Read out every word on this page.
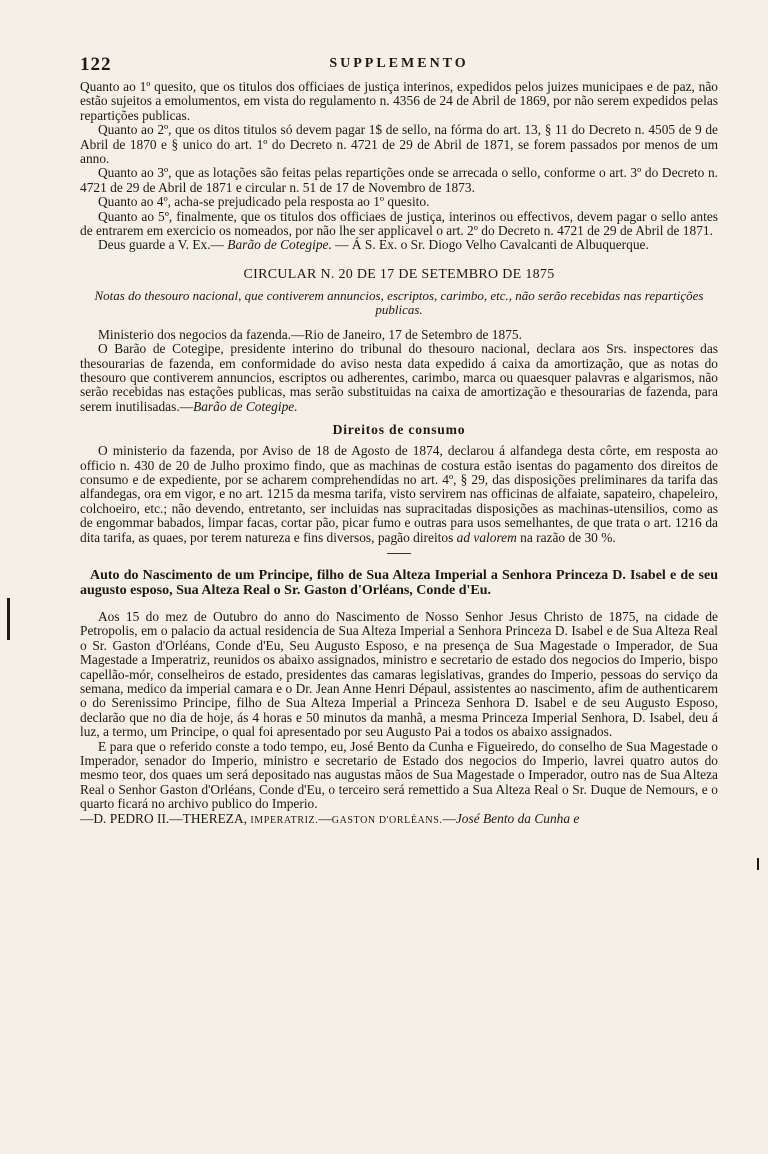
122	SUPPLEMENTO

Quanto ao 1º quesito, que os titulos dos officiaes de justiça interinos, expedidos pelos juizes municipaes e de paz, não estão sujeitos a emolumentos, em vista do regulamento n. 4356 de 24 de Abril de 1869, por não serem expedidos pelas repartições publicas.

Quanto ao 2º, que os ditos titulos só devem pagar 1$ de sello, na fórma do art. 13, § 11 do Decreto n. 4505 de 9 de Abril de 1870 e § unico do art. 1º do Decreto n. 4721 de 29 de Abril de 1871, se forem passados por menos de um anno.

Quanto ao 3º, que as lotações são feitas pelas repartições onde se arrecada o sello, conforme o art. 3º do Decreto n. 4721 de 29 de Abril de 1871 e circular n. 51 de 17 de Novembro de 1873.

Quanto ao 4º, acha-se prejudicado pela resposta ao 1º quesito.

Quanto ao 5º, finalmente, que os titulos dos officiaes de justiça, interinos ou effectivos, devem pagar o sello antes de entrarem em exercicio os nomeados, por não lhe ser applicavel o art. 2º do Decreto n. 4721 de 29 de Abril de 1871.

Deus guarde a V. Ex.— Barão de Cotegipe. — Á S. Ex. o Sr. Diogo Velho Cavalcanti de Albuquerque.

CIRCULAR N. 20 DE 17 DE SETEMBRO DE 1875
Notas do thesouro nacional, que contiverem annuncios, escriptos, carimbo, etc., não serão recebidas nas repartições publicas.

Ministerio dos negocios da fazenda.—Rio de Janeiro, 17 de Setembro de 1875.

O Barão de Cotegipe, presidente interino do tribunal do thesouro nacional, declara aos Srs. inspectores das thesourarias de fazenda, em conformidade do aviso nesta data expedido á caixa da amortização, que as notas do thesouro que contiverem annuncios, escriptos ou adherentes, carimbo, marca ou quaesquer palavras e algarismos, não serão recebidas nas estações publicas, mas serão substituidas na caixa de amortização e thesourarias de fazenda, para serem inutilisadas.—Barão de Cotegipe.

Direitos de consumo

O ministerio da fazenda, por Aviso de 18 de Agosto de 1874, declarou á alfandega desta côrte, em resposta ao officio n. 430 de 20 de Julho proximo findo, que as machinas de costura estão isentas do pagamento dos direitos de consumo e de expediente, por se acharem comprehendidas no art. 4º, § 29, das disposições preliminares da tarifa das alfandegas, ora em vigor, e no art. 1215 da mesma tarifa, visto servirem nas officinas de alfaiate, sapateiro, chapeleiro, colchoeiro, etc.; não devendo, entretanto, ser incluidas nas supracitadas disposições as machinas-utensilios, como as de engommar babados, limpar facas, cortar pão, picar fumo e outras para usos semelhantes, de que trata o art. 1216 da dita tarifa, as quaes, por terem natureza e fins diversos, pagão direitos ad valorem na razão de 30 %.

Auto do Nascimento de um Principe, filho de Sua Alteza Imperial a Senhora Princeza D. Isabel e de seu augusto esposo, Sua Alteza Real o Sr. Gaston d'Orléans, Conde d'Eu.

Aos 15 do mez de Outubro do anno do Nascimento de Nosso Senhor Jesus Christo de 1875, na cidade de Petropolis, em o palacio da actual residencia de Sua Alteza Imperial a Senhora Princeza D. Isabel e de Sua Alteza Real o Sr. Gaston d'Orléans, Conde d'Eu, Seu Augusto Esposo, e na presença de Sua Magestade o Imperador, de Sua Magestade a Imperatriz, reunidos os abaixo assignados, ministro e secretario de estado dos negocios do Imperio, bispo capellão-mór, conselheiros de estado, presidentes das camaras legislativas, grandes do Imperio, pessoas do serviço da semana, medico da imperial camara e o Dr. Jean Anne Henri Dépaul, assistentes ao nascimento, afim de authenticarem o do Serenissimo Principe, filho de Sua Alteza Imperial a Princeza Senhora D. Isabel e de seu Augusto Esposo, declarão que no dia de hoje, ás 4 horas e 50 minutos da manhã, a mesma Princeza Imperial Senhora, D. Isabel, deu á luz, a termo, um Principe, o qual foi apresentado por seu Augusto Pai a todos os abaixo assignados.

E para que o referido conste a todo tempo, eu, José Bento da Cunha e Figueiredo, do conselho de Sua Magestade o Imperador, senador do Imperio, ministro e secretario de Estado dos negocios do Imperio, lavrei quatro autos do mesmo teor, dos quaes um será depositado nas augustas mãos de Sua Magestade o Imperador, outro nas de Sua Alteza Real o Senhor Gaston d'Orléans, Conde d'Eu, o terceiro será remettido a Sua Alteza Real o Sr. Duque de Nemours, e o quarto ficará no archivo publico do Imperio.

—D. PEDRO II.—THEREZA, IMPERATRIZ.—GASTON D'ORLÉANS.—José Bento da Cunha e
